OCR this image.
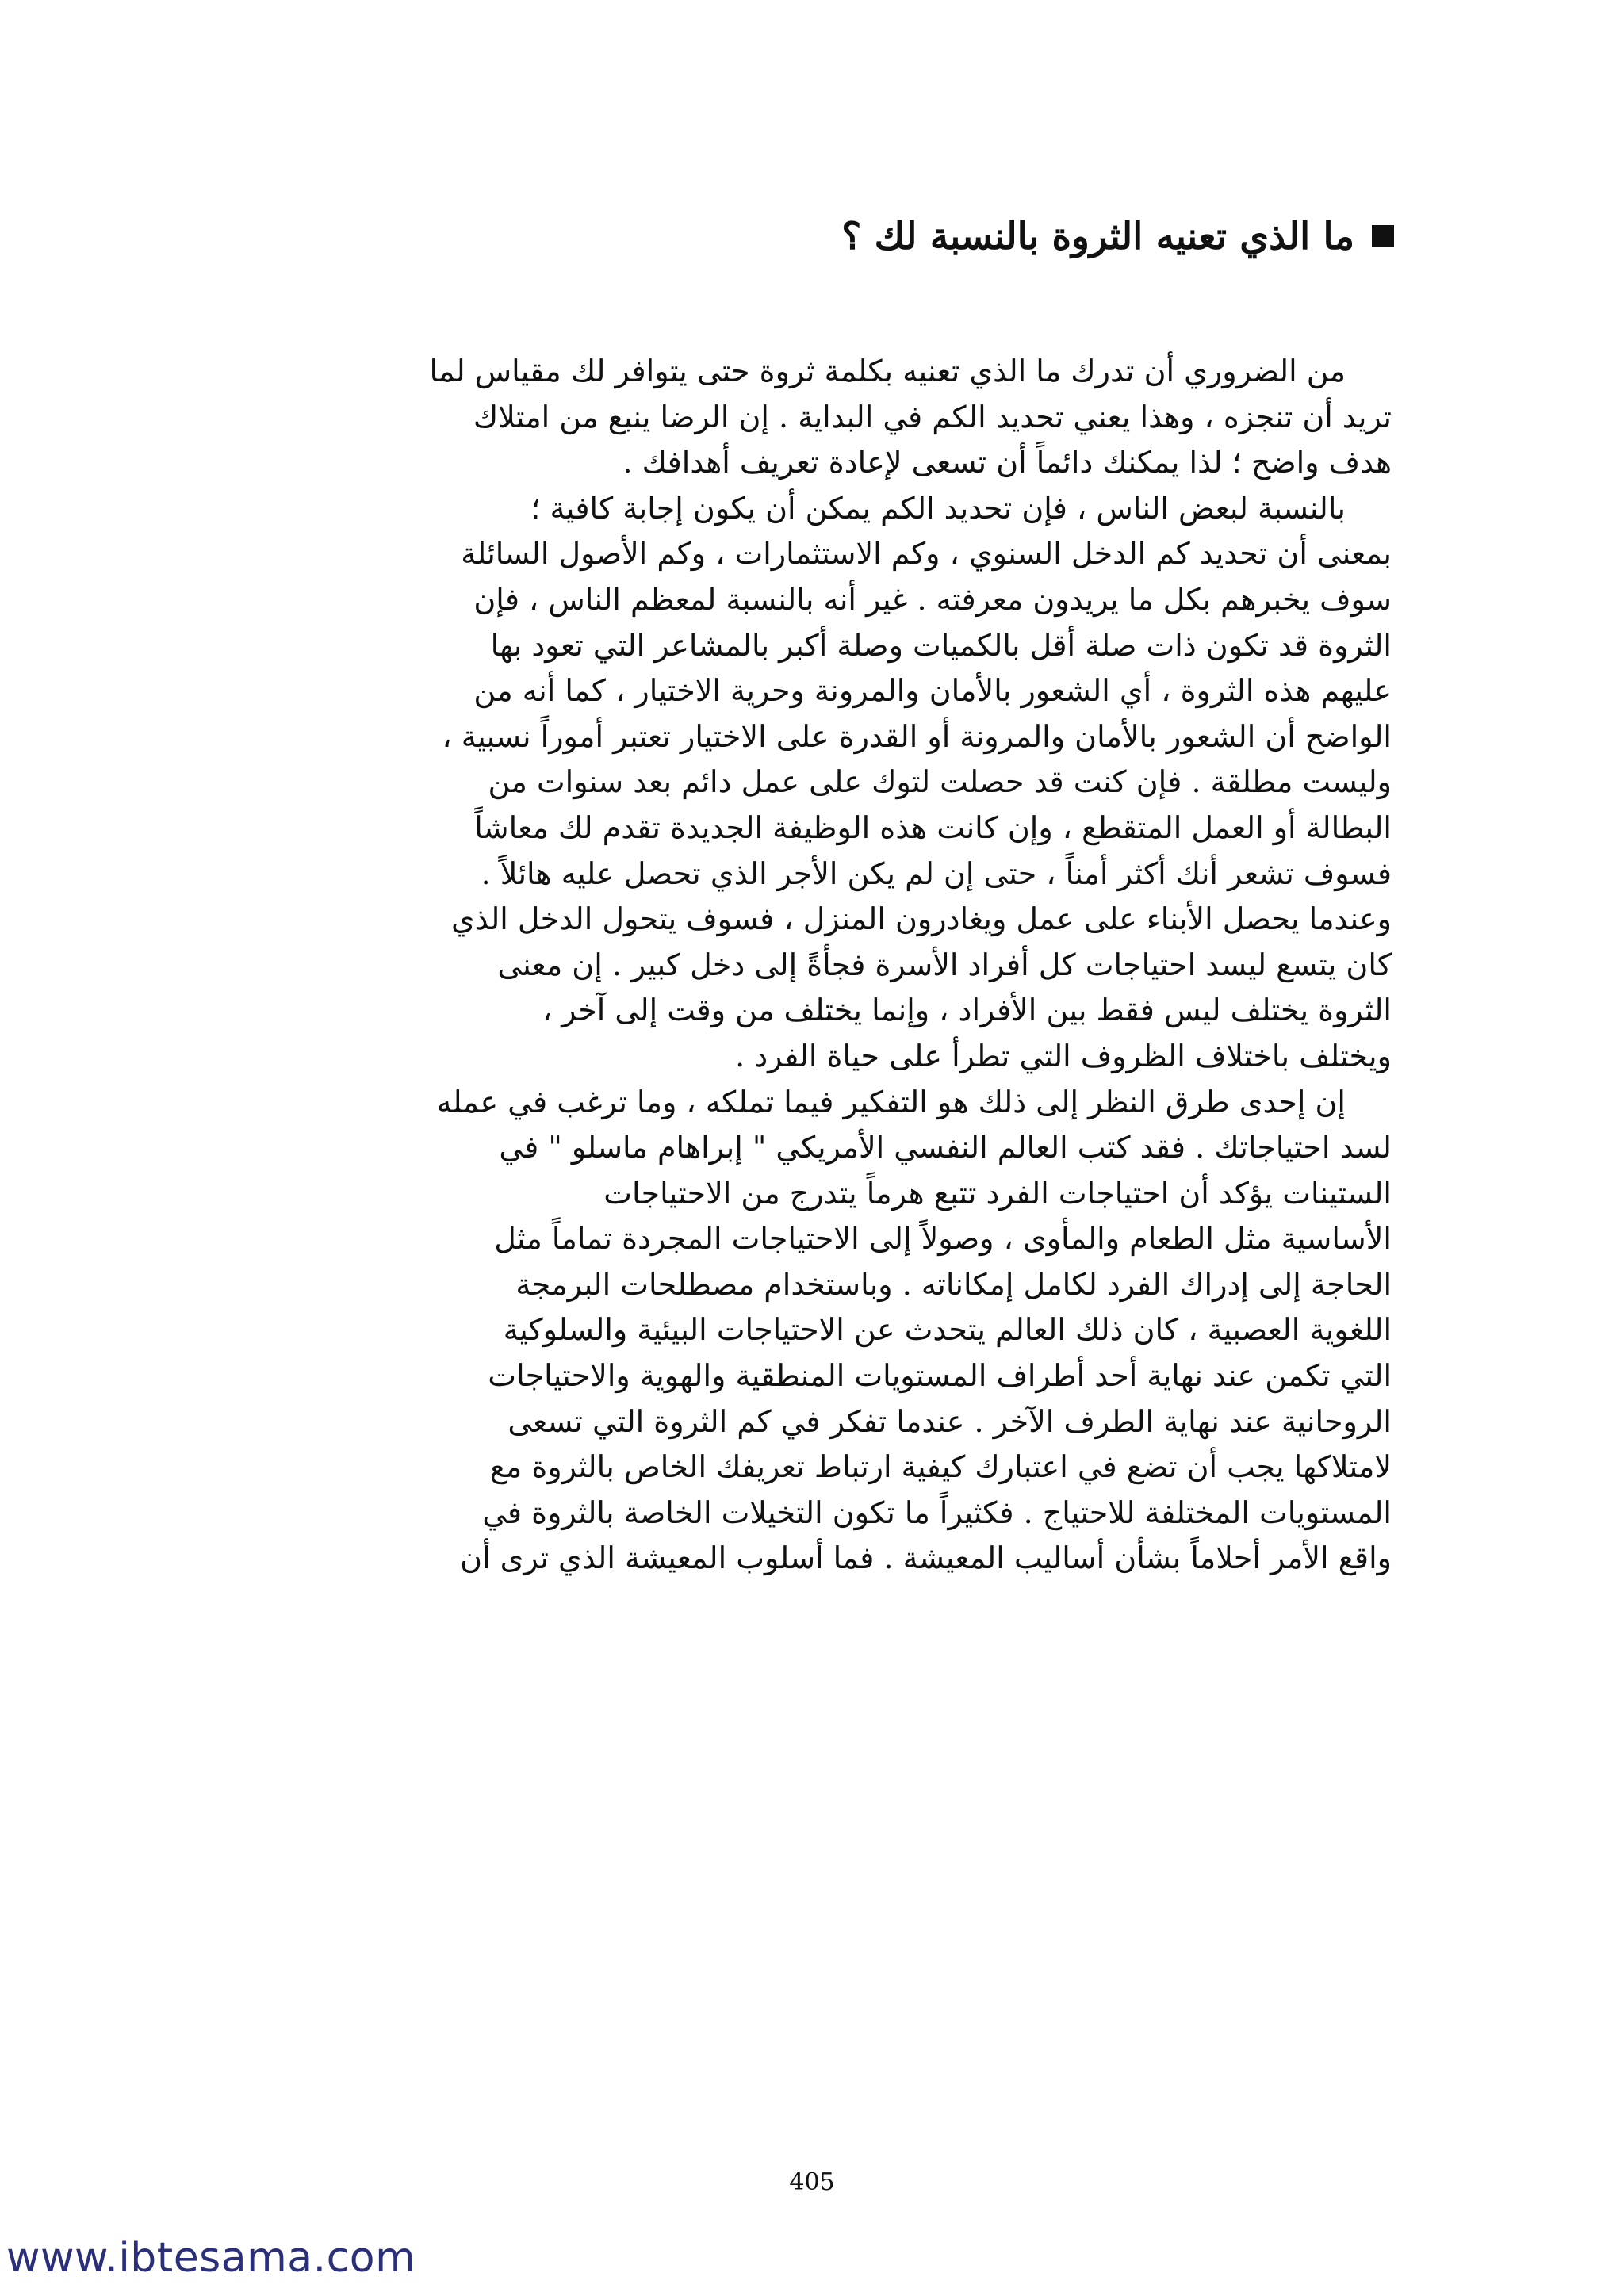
ما الذي تعنيه الثروة بالنسبة لك ؟
من الضروري أن تدرك ما الذي تعنيه بكلمة ثروة حتى يتوافر لك مقياس لما
تريد أن تنجزه ، وهذا يعني تحديد الكم في البداية . إن الرضا ينبع من امتلاك
هدف واضح ؛ لذا يمكنك دائماً أن تسعى لإعادة تعريف أهدافك .
بالنسبة لبعض الناس ، فإن تحديد الكم يمكن أن يكون إجابة كافية ؛
بمعنى أن تحديد كم الدخل السنوي ، وكم الاستثمارات ، وكم الأصول السائلة
سوف يخبرهم بكل ما يريدون معرفته . غير أنه بالنسبة لمعظم الناس ، فإن
الثروة قد تكون ذات صلة أقل بالكميات وصلة أكبر بالمشاعر التي تعود بها
عليهم هذه الثروة ، أي الشعور بالأمان والمرونة وحرية الاختيار ، كما أنه من
الواضح أن الشعور بالأمان والمرونة أو القدرة على الاختيار تعتبر أموراً نسبية ،
وليست مطلقة . فإن كنت قد حصلت لتوك على عمل دائم بعد سنوات من
البطالة أو العمل المتقطع ، وإن كانت هذه الوظيفة الجديدة تقدم لك معاشاً
فسوف تشعر أنك أكثر أمناً ، حتى إن لم يكن الأجر الذي تحصل عليه هائلاً .
وعندما يحصل الأبناء على عمل ويغادرون المنزل ، فسوف يتحول الدخل الذي
كان يتسع ليسد احتياجات كل أفراد الأسرة فجأةً إلى دخل كبير . إن معنى
الثروة يختلف ليس فقط بين الأفراد ، وإنما يختلف من وقت إلى آخر ،
ويختلف باختلاف الظروف التي تطرأ على حياة الفرد .
إن إحدى طرق النظر إلى ذلك هو التفكير فيما تملكه ، وما ترغب في عمله
لسد احتياجاتك . فقد كتب العالم النفسي الأمريكي " إبراهام ماسلو " في
الستينات يؤكد أن احتياجات الفرد تتبع هرماً يتدرج من الاحتياجات
الأساسية مثل الطعام والمأوى ، وصولاً إلى الاحتياجات المجردة تماماً مثل
الحاجة إلى إدراك الفرد لكامل إمكاناته . وباستخدام مصطلحات البرمجة
اللغوية العصبية ، كان ذلك العالم يتحدث عن الاحتياجات البيئية والسلوكية
التي تكمن عند نهاية أحد أطراف المستويات المنطقية والهوية والاحتياجات
الروحانية عند نهاية الطرف الآخر . عندما تفكر في كم الثروة التي تسعى
لامتلاكها يجب أن تضع في اعتبارك كيفية ارتباط تعريفك الخاص بالثروة مع
المستويات المختلفة للاحتياج . فكثيراً ما تكون التخيلات الخاصة بالثروة في
واقع الأمر أحلاماً بشأن أساليب المعيشة . فما أسلوب المعيشة الذي ترى أن
405
www.ibtesama.com
